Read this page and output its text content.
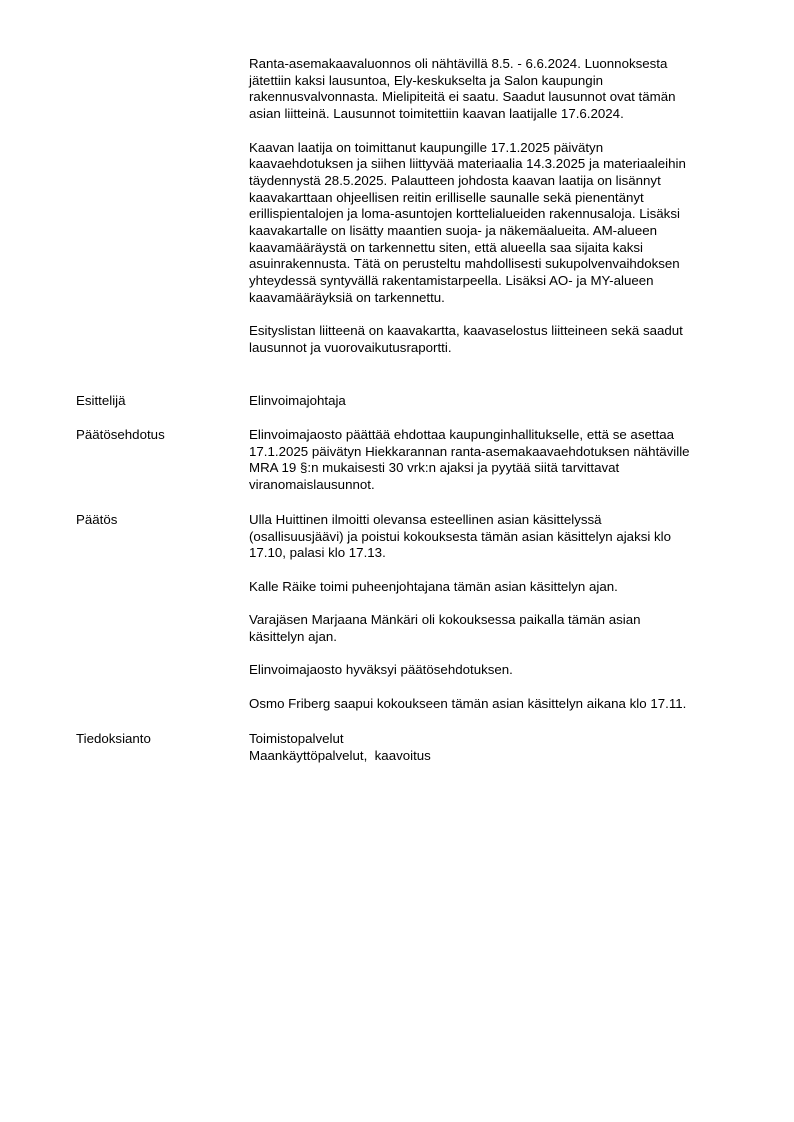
Ranta-asemakaavaluonnos oli nähtävillä 8.5. - 6.6.2024. Luonnoksesta
jätettiin kaksi lausuntoa, Ely-keskukselta ja Salon kaupungin
rakennusvalvonnasta. Mielipiteitä ei saatu. Saadut lausunnot ovat tämän
asian liitteinä. Lausunnot toimitettiin kaavan laatijalle 17.6.2024.

Kaavan laatija on toimittanut kaupungille 17.1.2025 päivätyn
kaavaehdotuksen ja siihen liittyvää materiaalia 14.3.2025 ja materiaaleihin
täydennystä 28.5.2025. Palautteen johdosta kaavan laatija on lisännyt
kaavakarttaan ohjeellisen reitin erilliselle saunalle sekä pienentänyt
erillispientalojen ja loma-asuntojen korttelialueiden rakennusaloja. Lisäksi
kaavakartalle on lisätty maantien suoja- ja näkemäalueita. AM-alueen
kaavamääräystä on tarkennettu siten, että alueella saa sijaita kaksi
asuinrakennusta. Tätä on perusteltu mahdollisesti sukupolvenvaihdoksen
yhteydessä syntyvällä rakentamistarpeella. Lisäksi AO- ja MY-alueen
kaavamääräyksiä on tarkennettu.

Esityslistan liitteenä on kaavakartta, kaavaselostus liitteineen sekä saadut
lausunnot ja vuorovaikutusraportti.

Esittelijä	Elinvoimajohtaja
Päätösehdotus	Elinvoimajaosto päättää ehdottaa kaupunginhallitukselle, että se asettaa
17.1.2025 päivätyn Hiekkarannan ranta-asemakaavaehdotuksen nähtäville
MRA 19 §:n mukaisesti 30 vrk:n ajaksi ja pyytää siitä tarvittavat
viranomaislausunnot.
Päätös	Ulla Huittinen ilmoitti olevansa esteellinen asian käsittelyssä
(osallisuusjäävi) ja poistui kokouksesta tämän asian käsittelyn ajaksi klo
17.10, palasi klo 17.13.

Kalle Räike toimi puheenjohtajana tämän asian käsittelyn ajan.

Varajäsen Marjaana Mänkäri oli kokouksessa paikalla tämän asian
käsittelyn ajan.

Elinvoimajaosto hyväksyi päätösehdotuksen.

Osmo Friberg saapui kokoukseen tämän asian käsittelyn aikana klo 17.11.

Tiedoksianto	Toimistopalvelut
Maankäyttöpalvelut,  kaavoitus
